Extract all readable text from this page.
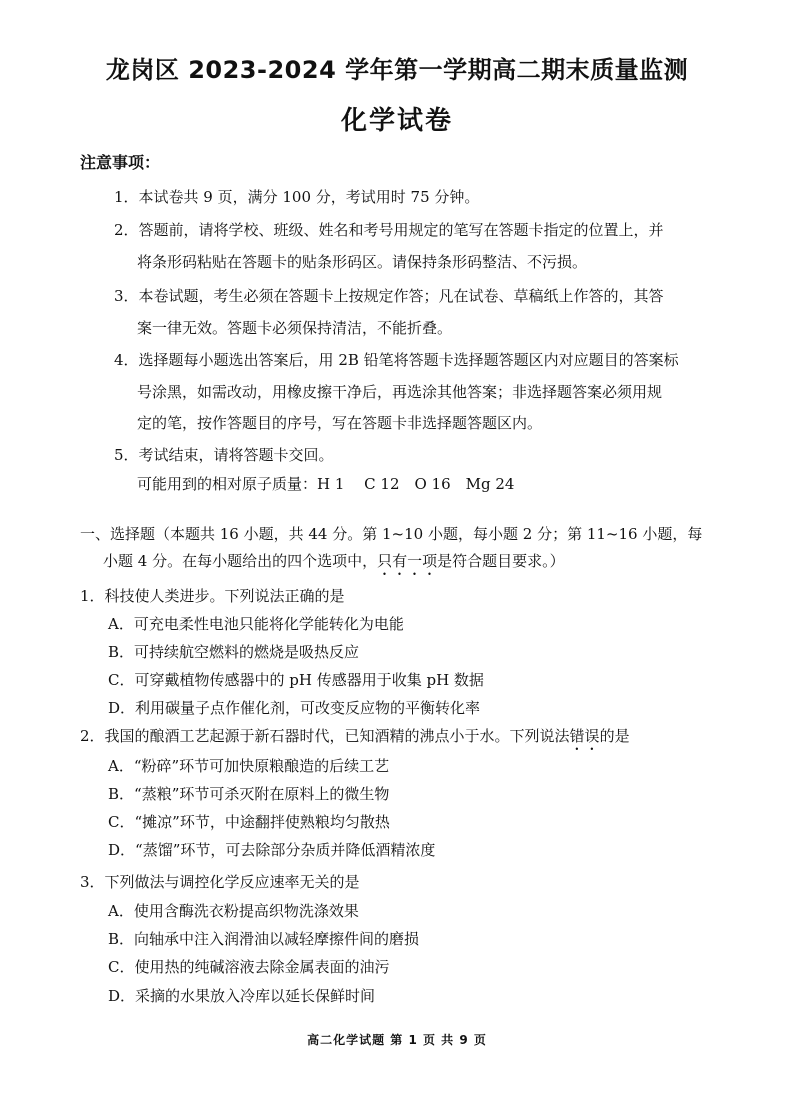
龙岗区 2023-2024 学年第一学期高二期末质量监测
化学试卷
注意事项：
1．本试卷共 9 页，满分 100 分，考试用时 75 分钟。
2．答题前，请将学校、班级、姓名和考号用规定的笔写在答题卡指定的位置上，并
将条形码粘贴在答题卡的贴条形码区。请保持条形码整洁、不污损。
3．本卷试题，考生必须在答题卡上按规定作答；凡在试卷、草稿纸上作答的，其答
案一律无效。答题卡必须保持清洁，不能折叠。
4．选择题每小题选出答案后，用 2B 铅笔将答题卡选择题答题区内对应题目的答案标
号涂黑，如需改动，用橡皮擦干净后，再选涂其他答案；非选择题答案必须用规
定的笔，按作答题目的序号，写在答题卡非选择题答题区内。
5．考试结束，请将答题卡交回。
可能用到的相对原子质量：H 1　 C 12　O 16　Mg 24
一、选择题（本题共 16 小题，共 44 分。第 1~10 小题，每小题 2 分；第 11~16 小题，每
小题 4 分。在每小题给出的四个选项中，只有一项是符合题目要求。）
1．科技使人类进步。下列说法正确的是
A．可充电柔性电池只能将化学能转化为电能
B．可持续航空燃料的燃烧是吸热反应
C．可穿戴植物传感器中的 pH 传感器用于收集 pH 数据
D．利用碳量子点作催化剂，可改变反应物的平衡转化率
2．我国的酿酒工艺起源于新石器时代，已知酒精的沸点小于水。下列说法错误的是
A．“粉碎”环节可加快原粮酿造的后续工艺
B．“蒸粮”环节可杀灭附在原料上的微生物
C．“摊凉”环节，中途翻拌使熟粮均匀散热
D．“蒸馏”环节，可去除部分杂质并降低酒精浓度
3．下列做法与调控化学反应速率无关的是
A．使用含酶洗衣粉提高织物洗涤效果
B．向轴承中注入润滑油以减轻摩擦件间的磨损
C．使用热的纯碱溶液去除金属表面的油污
D．采摘的水果放入冷库以延长保鲜时间
高二化学试题 第 1 页 共 9 页
